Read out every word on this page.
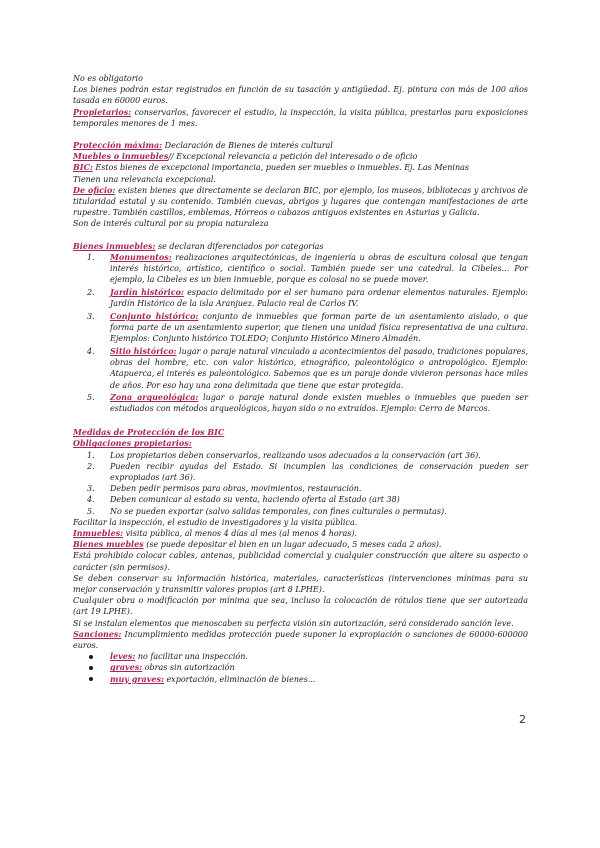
No es obligatorio

Los bienes podrán estar registrados en función de su tasación y antigüedad. Ej. pintura con más de 100 años tasada en 60000 euros.

Propietarios: conservarlos, favorecer el estudio, la inspección, la visita pública, prestarlos para exposiciones temporales menores de 1 mes.

Protección máxima: Declaración de Bienes de interés cultural

Muebles o inmuebles// Excepcional relevancia a petición del interesado o de oficio

BIC: Estos bienes de excepcional importancia, pueden ser muebles o inmuebles. Ej. Las Meninas

Tienen una relevancia excepcional.

De oficio: existen bienes que directamente se declaran BIC, por ejemplo, los museos, bibliotecas y archivos de titularidad estatal y su contenido. También cuevas, abrigos y lugares que contengan manifestaciones de arte rupestre. También castillos, emblemas, Hórreos o cabazos antiguos existentes en Asturias y Galicia.

Son de interés cultural por su propia naturaleza

Bienes inmuebles: se declaran diferenciados por categorías

1. Monumentos: realizaciones arquitectónicas, de ingeniería u obras de escultura colosal que tengan interés histórico, artístico, científico o social. También puede ser una catedral. la Cibeles... Por ejemplo, la Cibeles es un bien inmueble, porque es colosal no se puede mover.
2. Jardín histórico: espacio delimitado por el ser humano para ordenar elementos naturales. Ejemplo: Jardín Histórico de la isla Aranjuez. Palacio real de Carlos IV.
3. Conjunto histórico: conjunto de inmuebles que forman parte de un asentamiento aislado, o que forma parte de un asentamiento superior, que tienen una unidad física representativa de una cultura. Ejemplos: Conjunto histórico TOLEDO; Conjunto Histórico Minero Almadén.
4. Sitio histórico: lugar o paraje natural vinculado a acontecimientos del pasado, tradiciones populares, obras del hombre, etc. con valor histórico, etnográfico, paleontológico o antropológico. Ejemplo: Atapuerca, el interés es paleontológico. Sabemos que es un paraje donde vivieron personas hace miles de años. Por eso hay una zona delimitada que tiene que estar protegida.
5. Zona arqueológica: lugar o paraje natural donde existen muebles o inmuebles que pueden ser estudiados con métodos arqueológicos, hayan sido o no extraídos. Ejemplo: Cerro de Marcos.

Medidas de Protección de los BIC

Obligaciones propietarios:

1. Los propietarios deben conservarlos, realizando usos adecuados a la conservación (art 36).
2. Pueden recibir ayudas del Estado. Si incumplen las condiciones de conservación pueden ser expropiados (art 36).
3. Deben pedir permisos para obras, movimientos, restauración.
4. Deben comunicar al estado su venta, haciendo oferta al Estado (art 38)
5. No se pueden exportar (salvo salidas temporales, con fines culturales o permutas).

Facilitar la inspección, el estudio de investigadores y la visita pública.

Inmuebles: visita pública, al menos 4 días al mes (al menos 4 horas).

Bienes muebles (se puede depositar el bien en un lugar adecuado, 5 meses cada 2 años).

Está prohibido colocar cables, antenas, publicidad comercial y cualquier construcción que altere su aspecto o carácter (sin permisos).

Se deben conservar su información histórica, materiales, características (intervenciones mínimas para su mejor conservación y transmitir valores propios (art 8 LPHE).

Cualquier obra o modificación por mínima que sea, incluso la colocación de rótulos tiene que ser autorizada (art 19 LPHE).

Si se instalan elementos que menoscaben su perfecta visión sin autorización, será considerado sanción leve.

Sanciones: Incumplimiento medidas protección puede suponer la expropiación o sanciones de 60000-600000 euros.

leves: no facilitar una inspección.
graves: obras sin autorización
muy graves: exportación, eliminación de bienes...
2
